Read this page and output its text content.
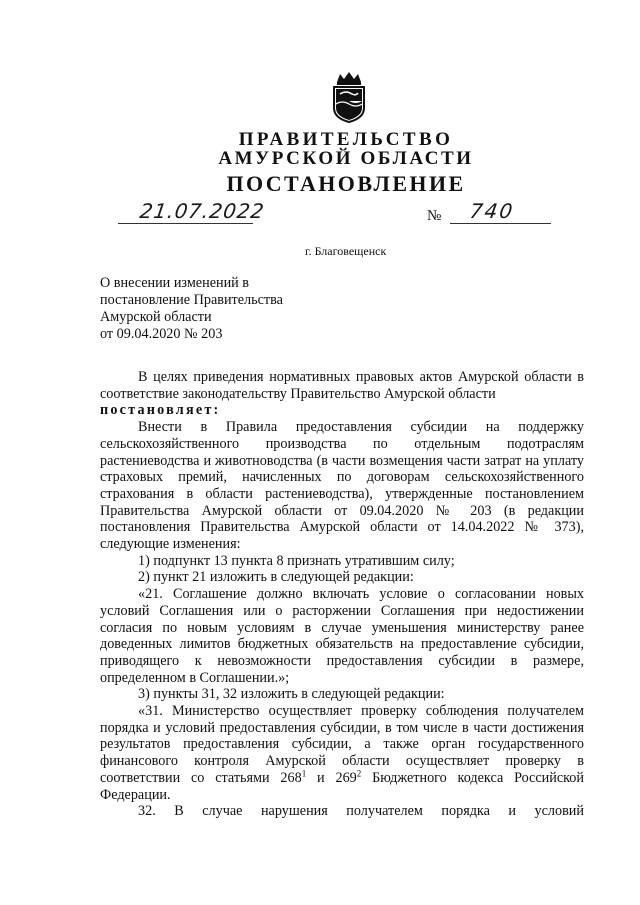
ПРАВИТЕЛЬСТВО
АМУРСКОЙ ОБЛАСТИ
ПОСТАНОВЛЕНИЕ
21.07.2022	№ 740
г. Благовещенск
О внесении изменений в
постановление Правительства
Амурской области
от 09.04.2020 № 203

В целях приведения нормативных правовых актов Амурской области в соответствие законодательству Правительство Амурской области

постановляет:

Внести в Правила предоставления субсидии на поддержку сельскохозяйственного производства по отдельным подотраслям растениеводства и животноводства (в части возмещения части затрат на уплату страховых премий, начисленных по договорам сельскохозяйственного страхования в области растениеводства), утвержденные постановлением Правительства Амурской области от 09.04.2020 № 203 (в редакции постановления Правительства Амурской области от 14.04.2022 № 373), следующие изменения:

1) подпункт 13 пункта 8 признать утратившим силу;

2) пункт 21 изложить в следующей редакции:

«21. Соглашение должно включать условие о согласовании новых условий Соглашения или о расторжении Соглашения при недостижении согласия по новым условиям в случае уменьшения министерству ранее доведенных лимитов бюджетных обязательств на предоставление субсидии, приводящего к невозможности предоставления субсидии в размере, определенном в Соглашении.»;

3) пункты 31, 32 изложить в следующей редакции:

«31. Министерство осуществляет проверку соблюдения получателем порядка и условий предоставления субсидии, в том числе в части достижения результатов предоставления субсидии, а также орган государственного финансового контроля Амурской области осуществляет проверку в соответствии со статьями $268^1$ и $269^2$ Бюджетного кодекса Российской Федерации.

32. В случае нарушения получателем порядка и условий
